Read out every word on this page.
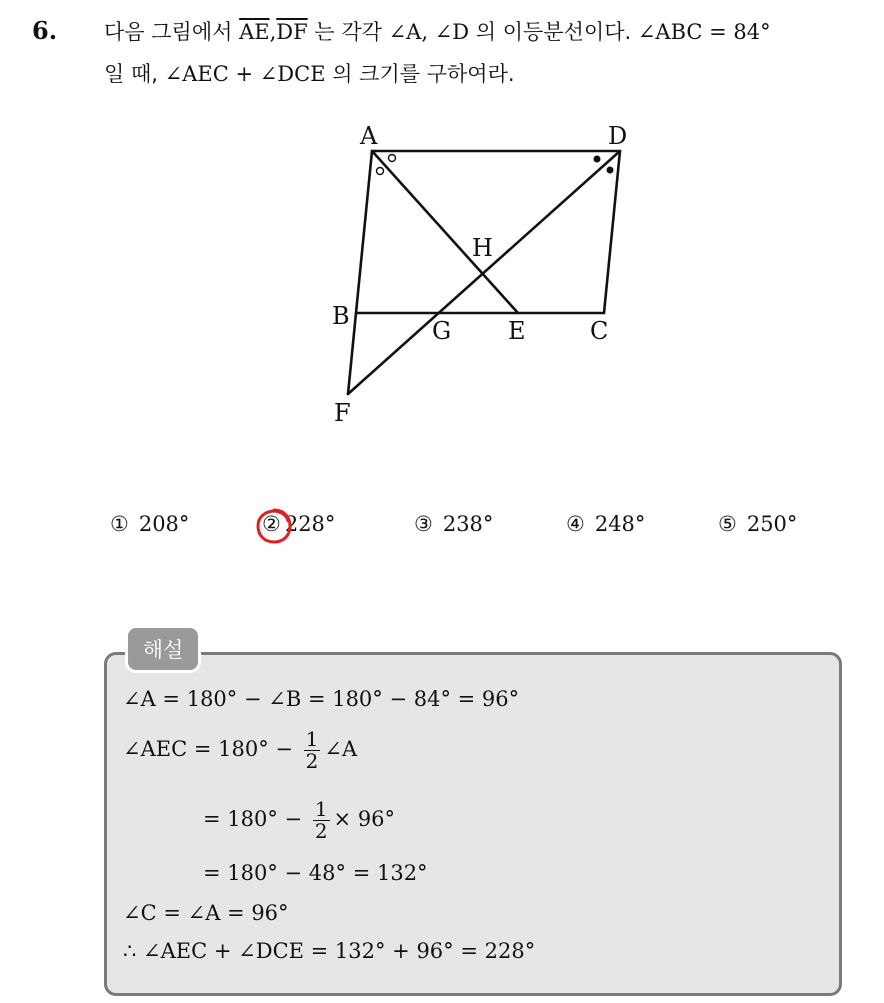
6. 다음 그림에서 $\overline{AE},\overline{DF}$ 는 각각 ∠A, ∠D 의 이등분선이다. ∠ABC = 84°
일 때, ∠AEC + ∠DCE 의 크기를 구하여라.
A	D
H
B
G E	C
F
① 208°	② 228°	③ 238°	④ 248°	⑤ 250°
해설
∠A = 180° − ∠B = 180° − 84° = 96°
∠AEC = $180^\circ - \frac{1}{2}$ ∠A
= $180^\circ - \frac{1}{2} \times 96^\circ$
= 180° − 48° = 132°
∠C = ∠A = 96°
∴ ∠AEC + ∠DCE = 132° + 96° = 228°
